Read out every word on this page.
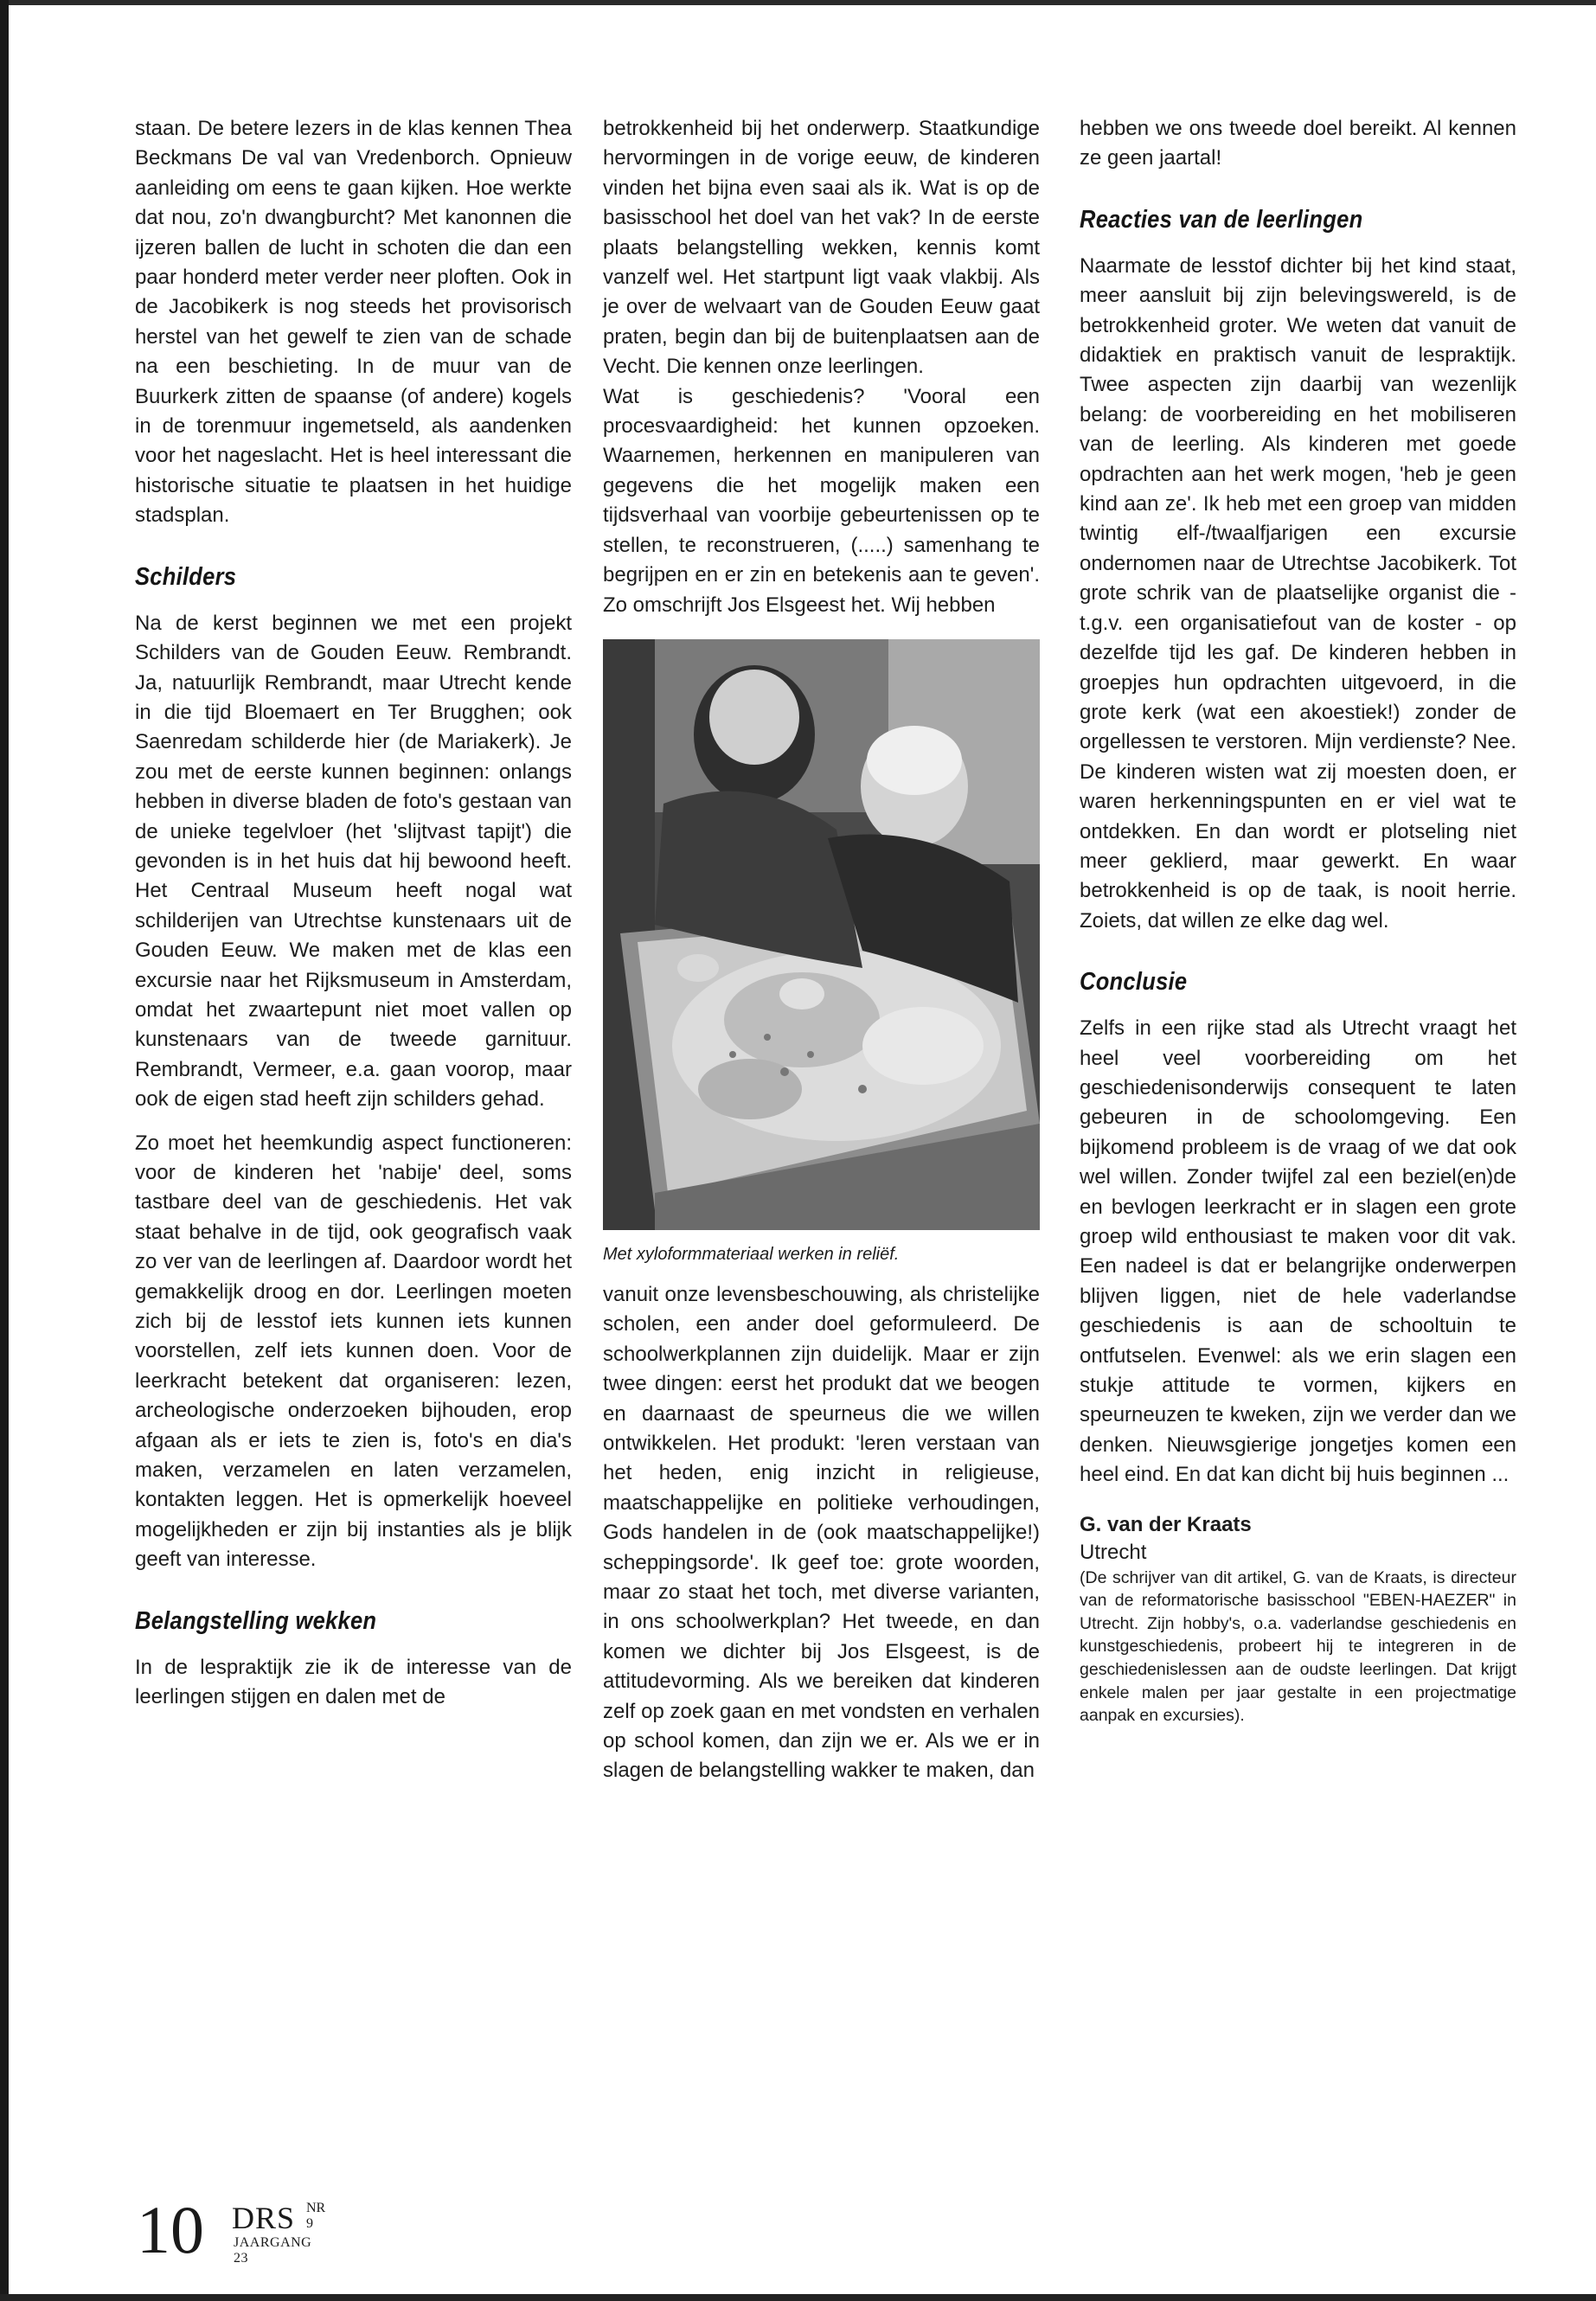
staan. De betere lezers in de klas kennen Thea Beckmans De val van Vredenborch. Opnieuw aanleiding om eens te gaan kijken. Hoe werkte dat nou, zo'n dwangburcht? Met kanonnen die ijzeren ballen de lucht in schoten die dan een paar honderd meter verder neer ploften. Ook in de Jacobikerk is nog steeds het provisorisch herstel van het gewelf te zien van de schade na een beschieting. In de muur van de Buurkerk zitten de spaanse (of andere) kogels in de torenmuur ingemetseld, als aandenken voor het nageslacht. Het is heel interessant die historische situatie te plaatsen in het huidige stadsplan.

Schilders

Na de kerst beginnen we met een projekt Schilders van de Gouden Eeuw. Rembrandt. Ja, natuurlijk Rembrandt, maar Utrecht kende in die tijd Bloemaert en Ter Brugghen; ook Saenredam schilderde hier (de Mariakerk). Je zou met de eerste kunnen beginnen: onlangs hebben in diverse bladen de foto's gestaan van de unieke tegelvloer (het 'slijtvast tapijt') die gevonden is in het huis dat hij bewoond heeft. Het Centraal Museum heeft nogal wat schilderijen van Utrechtse kunstenaars uit de Gouden Eeuw. We maken met de klas een excursie naar het Rijksmuseum in Amsterdam, omdat het zwaartepunt niet moet vallen op kunstenaars van de tweede garnituur. Rembrandt, Vermeer, e.a. gaan voorop, maar ook de eigen stad heeft zijn schilders gehad.

Zo moet het heemkundig aspect functioneren: voor de kinderen het 'nabije' deel, soms tastbare deel van de geschiedenis. Het vak staat behalve in de tijd, ook geografisch vaak zo ver van de leerlingen af. Daardoor wordt het gemakkelijk droog en dor. Leerlingen moeten zich bij de lesstof iets kunnen iets kunnen voorstellen, zelf iets kunnen doen. Voor de leerkracht betekent dat organiseren: lezen, archeologische onderzoeken bijhouden, erop afgaan als er iets te zien is, foto's en dia's maken, verzamelen en laten verzamelen, kontakten leggen. Het is opmerkelijk hoeveel mogelijkheden er zijn bij instanties als je blijk geeft van interesse.

Belangstelling wekken

In de lespraktijk zie ik de interesse van de leerlingen stijgen en dalen met de

betrokkenheid bij het onderwerp. Staatkundige hervormingen in de vorige eeuw, de kinderen vinden het bijna even saai als ik. Wat is op de basisschool het doel van het vak? In de eerste plaats belangstelling wekken, kennis komt vanzelf wel. Het startpunt ligt vaak vlakbij. Als je over de welvaart van de Gouden Eeuw gaat praten, begin dan bij de buitenplaatsen aan de Vecht. Die kennen onze leerlingen.

Wat is geschiedenis? 'Vooral een procesvaardigheid: het kunnen opzoeken. Waarnemen, herkennen en manipuleren van gegevens die het mogelijk maken een tijdsverhaal van voorbije gebeurtenissen op te stellen, te reconstrueren, (.....) samenhang te begrijpen en er zin en betekenis aan te geven'. Zo omschrijft Jos Elsgeest het. Wij hebben

Met xyloformmateriaal werken in reliëf.

vanuit onze levensbeschouwing, als christelijke scholen, een ander doel geformuleerd. De schoolwerkplannen zijn duidelijk. Maar er zijn twee dingen: eerst het produkt dat we beogen en daarnaast de speurneus die we willen ontwikkelen. Het produkt: 'leren verstaan van het heden, enig inzicht in religieuse, maatschappelijke en politieke verhoudingen, Gods handelen in de (ook maatschappelijke!) scheppingsorde'. Ik geef toe: grote woorden, maar zo staat het toch, met diverse varianten, in ons schoolwerkplan? Het tweede, en dan komen we dichter bij Jos Elsgeest, is de attitudevorming. Als we bereiken dat kinderen zelf op zoek gaan en met vondsten en verhalen op school komen, dan zijn we er. Als we er in slagen de belangstelling wakker te maken, dan

hebben we ons tweede doel bereikt. Al kennen ze geen jaartal!

Reacties van de leerlingen

Naarmate de lesstof dichter bij het kind staat, meer aansluit bij zijn belevingswereld, is de betrokkenheid groter. We weten dat vanuit de didaktiek en praktisch vanuit de lespraktijk. Twee aspecten zijn daarbij van wezenlijk belang: de voorbereiding en het mobiliseren van de leerling. Als kinderen met goede opdrachten aan het werk mogen, 'heb je geen kind aan ze'. Ik heb met een groep van midden twintig elf-/twaalfjarigen een excursie ondernomen naar de Utrechtse Jacobikerk. Tot grote schrik van de plaatselijke organist die - t.g.v. een organisatiefout van de koster - op dezelfde tijd les gaf. De kinderen hebben in groepjes hun opdrachten uitgevoerd, in die grote kerk (wat een akoestiek!) zonder de orgellessen te verstoren. Mijn verdienste? Nee. De kinderen wisten wat zij moesten doen, er waren herkenningspunten en er viel wat te ontdekken. En dan wordt er plotseling niet meer geklierd, maar gewerkt. En waar betrokkenheid is op de taak, is nooit herrie. Zoiets, dat willen ze elke dag wel.

Conclusie

Zelfs in een rijke stad als Utrecht vraagt het heel veel voorbereiding om het geschiedenisonderwijs consequent te laten gebeuren in de schoolomgeving. Een bijkomend probleem is de vraag of we dat ook wel willen. Zonder twijfel zal een beziel(en)de en bevlogen leerkracht er in slagen een grote groep wild enthousiast te maken voor dit vak. Een nadeel is dat er belangrijke onderwerpen blijven liggen, niet de hele vaderlandse geschiedenis is aan de schooltuin te ontfutselen. Evenwel: als we erin slagen een stukje attitude te vormen, kijkers en speurneuzen te kweken, zijn we verder dan we denken. Nieuwsgierige jongetjes komen een heel eind. En dat kan dicht bij huis beginnen ...

G. van der Kraats
Utrecht

(De schrijver van dit artikel, G. van de Kraats, is directeur van de reformatorische basisschool "EBEN-HAEZER" in Utrecht. Zijn hobby's, o.a. vaderlandse geschiedenis en kunstgeschiedenis, probeert hij te integreren in de geschiedenislessen aan de oudste leerlingen. Dat krijgt enkele malen per jaar gestalte in een projectmatige aanpak en excursies).

10 DRS NR 9
JAARGANG 23
